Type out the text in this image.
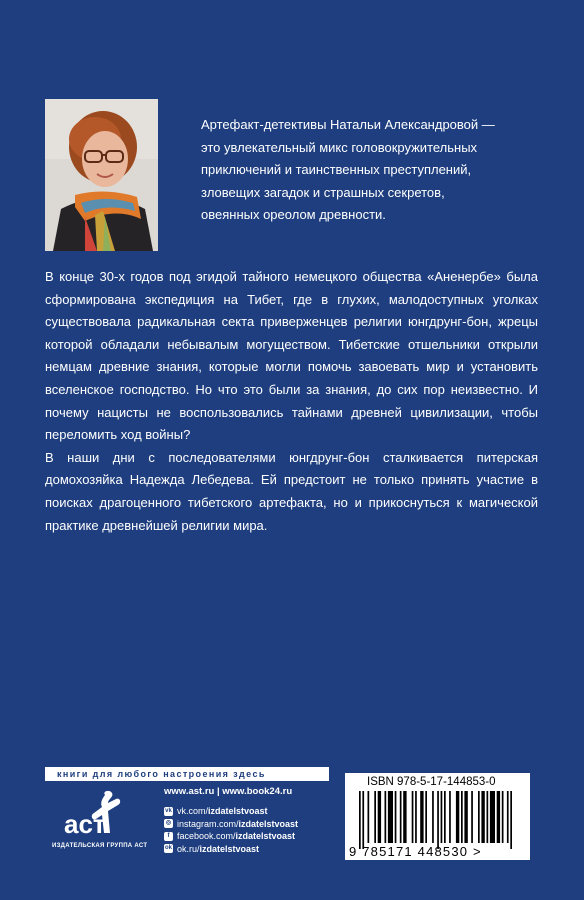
Артефакт-детективы Натальи Александровой —
это увлекательный микс головокружительных
приключений и таинственных преступлений,
зловещих загадок и страшных секретов,
овеянных ореолом древности.

В конце 30-х годов под эгидой тайного немецкого общества «Аненербе» была сформирована экспедиция на Тибет, где в глухих, малодоступных уголках существовала радикальная секта приверженцев религии юнгдрунг-бон, жрецы которой обладали небывалым могуществом. Тибетские отшельники открыли немцам древние знания, которые могли помочь завоевать мир и установить вселенское господство. Но что это были за знания, до сих пор неизвестно. И почему нацисты не воспользовались тайнами древней цивилизации, чтобы переломить ход войны?

В наши дни с последователями юнгдрунг-бон сталкивается питерская домохозяйка Надежда Лебедева. Ей предстоит не только принять участие в поисках драгоценного тибетского артефакта, но и прикоснуться к магической практике древнейшей религии мира.

книги для любого настроения здесь
аст
ИЗДАТЕЛЬСКАЯ ГРУППА АСТ
www.ast.ru | www.book24.ru
vk vk.com/ izdatelstvoast
◎ instagram.com/ izdatelstvoast
f facebook.com/ izdatelstvoast
ok ok.ru/ izdatelstvoast
ISBN 978-5-17-144853-0
9 785171 448530 >
